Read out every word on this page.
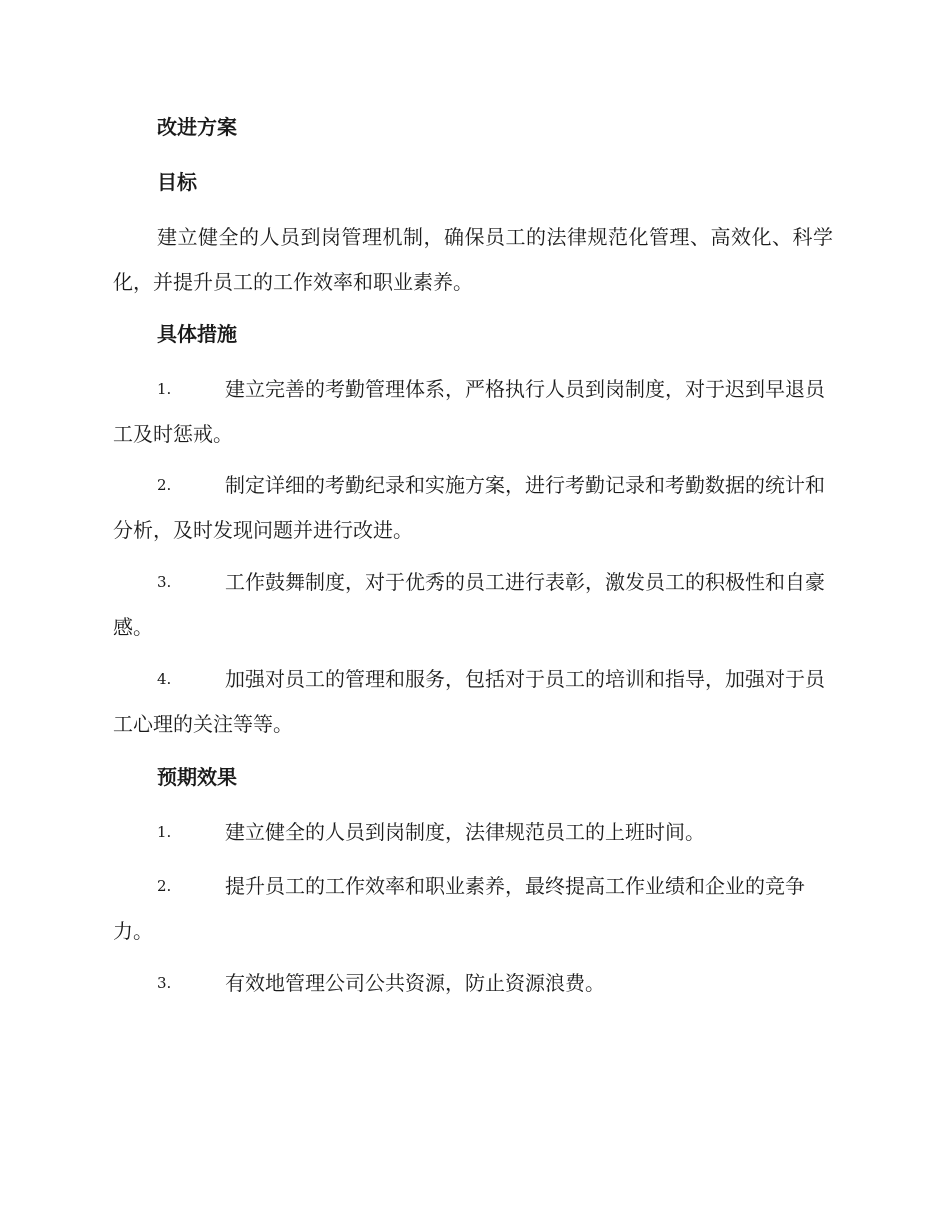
改进方案
目标

建立健全的人员到岗管理机制，确保员工的法律规范化管理、高效化、科学化，并提升员工的工作效率和职业素养。

具体措施
1.	建立完善的考勤管理体系，严格执行人员到岗制度，对于迟到早退员工及时惩戒。
2.	制定详细的考勤纪录和实施方案，进行考勤记录和考勤数据的统计和分析，及时发现问题并进行改进。
3.	工作鼓舞制度，对于优秀的员工进行表彰，激发员工的积极性和自豪感。
4.	加强对员工的管理和服务，包括对于员工的培训和指导，加强对于员工心理的关注等等。
预期效果
1.	建立健全的人员到岗制度，法律规范员工的上班时间。
2.	提升员工的工作效率和职业素养，最终提高工作业绩和企业的竞争力。
3.	有效地管理公司公共资源，防止资源浪费。
